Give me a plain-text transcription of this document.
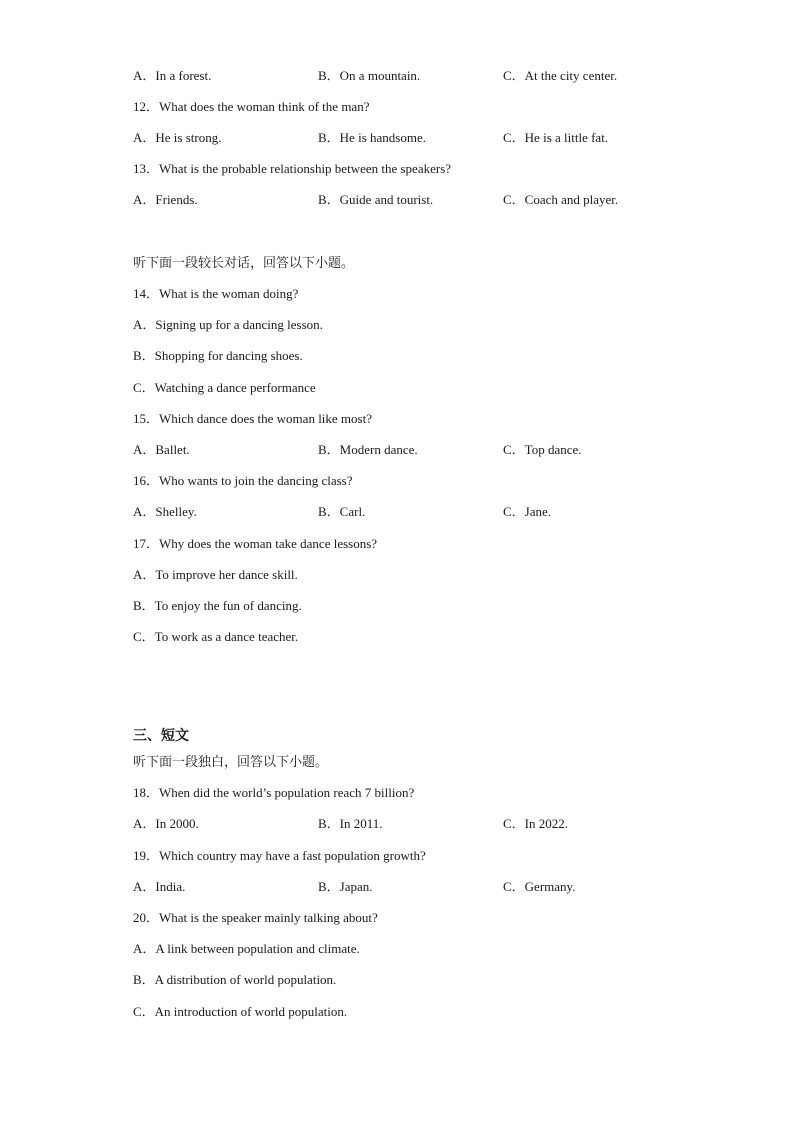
A．In a forest.	B．On a mountain.	C．At the city center.
12．What does the woman think of the man?
A．He is strong.	B．He is handsome.	C．He is a little fat.
13．What is the probable relationship between the speakers?
A．Friends.	B．Guide and tourist.	C．Coach and player.
听下面一段较长对话，回答以下小题。
14．What is the woman doing?
A．Signing up for a dancing lesson.
B．Shopping for dancing shoes.
C．Watching a dance performance
15．Which dance does the woman like most?
A．Ballet.	B．Modern dance.	C．Top dance.
16．Who wants to join the dancing class?
A．Shelley.	B．Carl.	C．Jane.
17．Why does the woman take dance lessons?
A．To improve her dance skill.
B．To enjoy the fun of dancing.
C．To work as a dance teacher.
三、短文
听下面一段独白，回答以下小题。
18．When did the world’s population reach 7 billion?
A．In 2000.	B．In 2011.	C．In 2022.
19．Which country may have a fast population growth?
A．India.	B．Japan.	C．Germany.
20．What is the speaker mainly talking about?
A．A link between population and climate.
B．A distribution of world population.
C．An introduction of world population.
